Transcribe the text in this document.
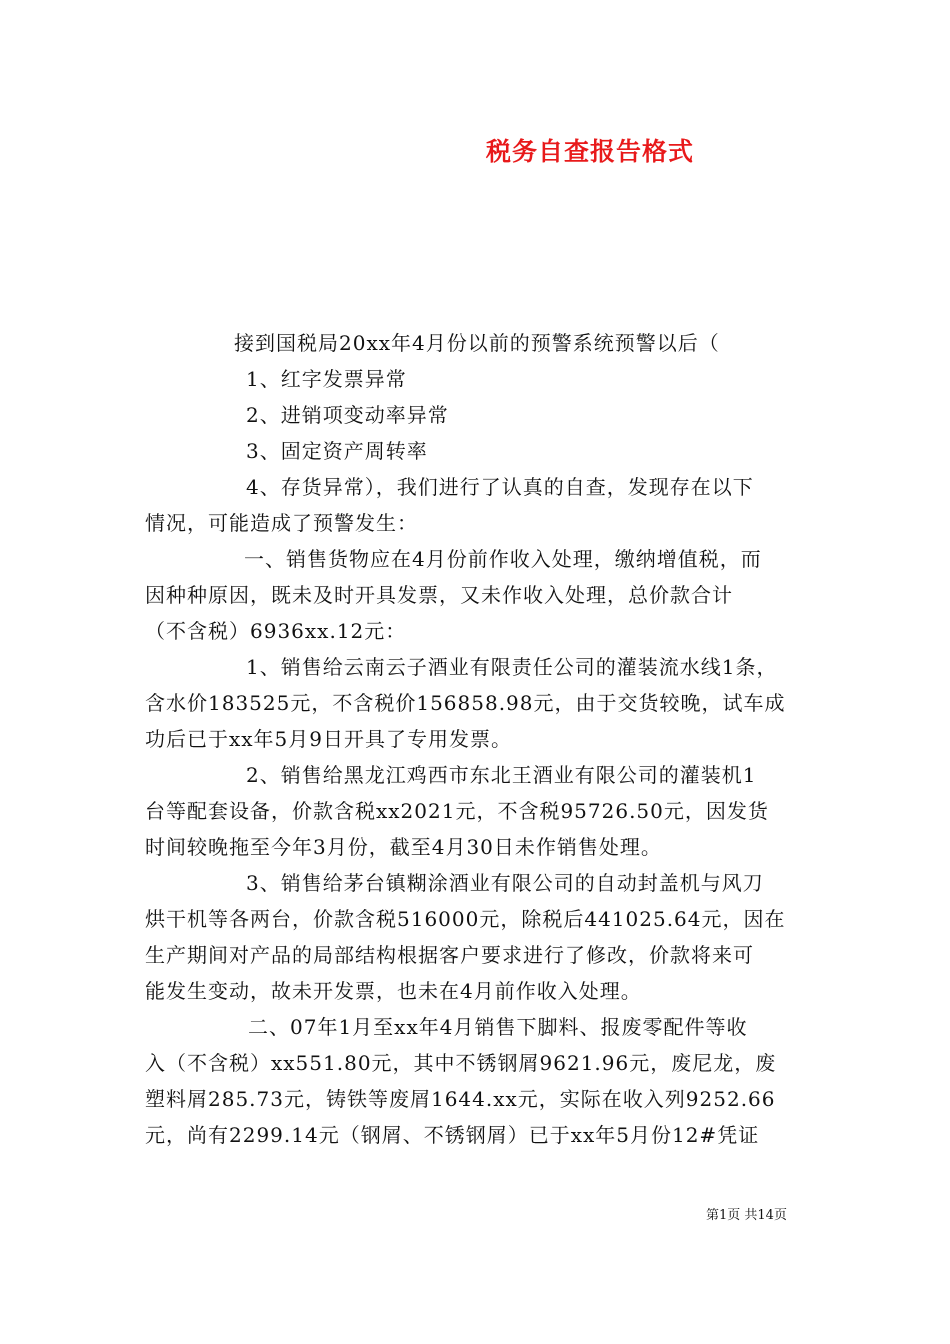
税务自查报告格式
接到国税局20xx年4月份以前的预警系统预警以后（
1、红字发票异常
2、进销项变动率异常
3、固定资产周转率
4、存货异常），我们进行了认真的自查，发现存在以下
情况，可能造成了预警发生：
一、销售货物应在4月份前作收入处理，缴纳增值税，而
因种种原因，既未及时开具发票，又未作收入处理，总价款合计
（不含税）6936xx.12元：
1、销售给云南云子酒业有限责任公司的灌装流水线1条，
含水价183525元，不含税价156858.98元，由于交货较晚，试车成
功后已于xx年5月9日开具了专用发票。
2、销售给黑龙江鸡西市东北王酒业有限公司的灌装机1
台等配套设备，价款含税xx2021元，不含税95726.50元，因发货
时间较晚拖至今年3月份，截至4月30日未作销售处理。
3、销售给茅台镇糊涂酒业有限公司的自动封盖机与风刀
烘干机等各两台，价款含税516000元，除税后441025.64元，因在
生产期间对产品的局部结构根据客户要求进行了修改，价款将来可
能发生变动，故未开发票，也未在4月前作收入处理。
二、07年1月至xx年4月销售下脚料、报废零配件等收
入（不含税）xx551.80元，其中不锈钢屑9621.96元，废尼龙，废
塑料屑285.73元，铸铁等废屑1644.xx元，实际在收入列9252.66
元，尚有2299.14元（钢屑、不锈钢屑）已于xx年5月份12#凭证
第1页 共14页
